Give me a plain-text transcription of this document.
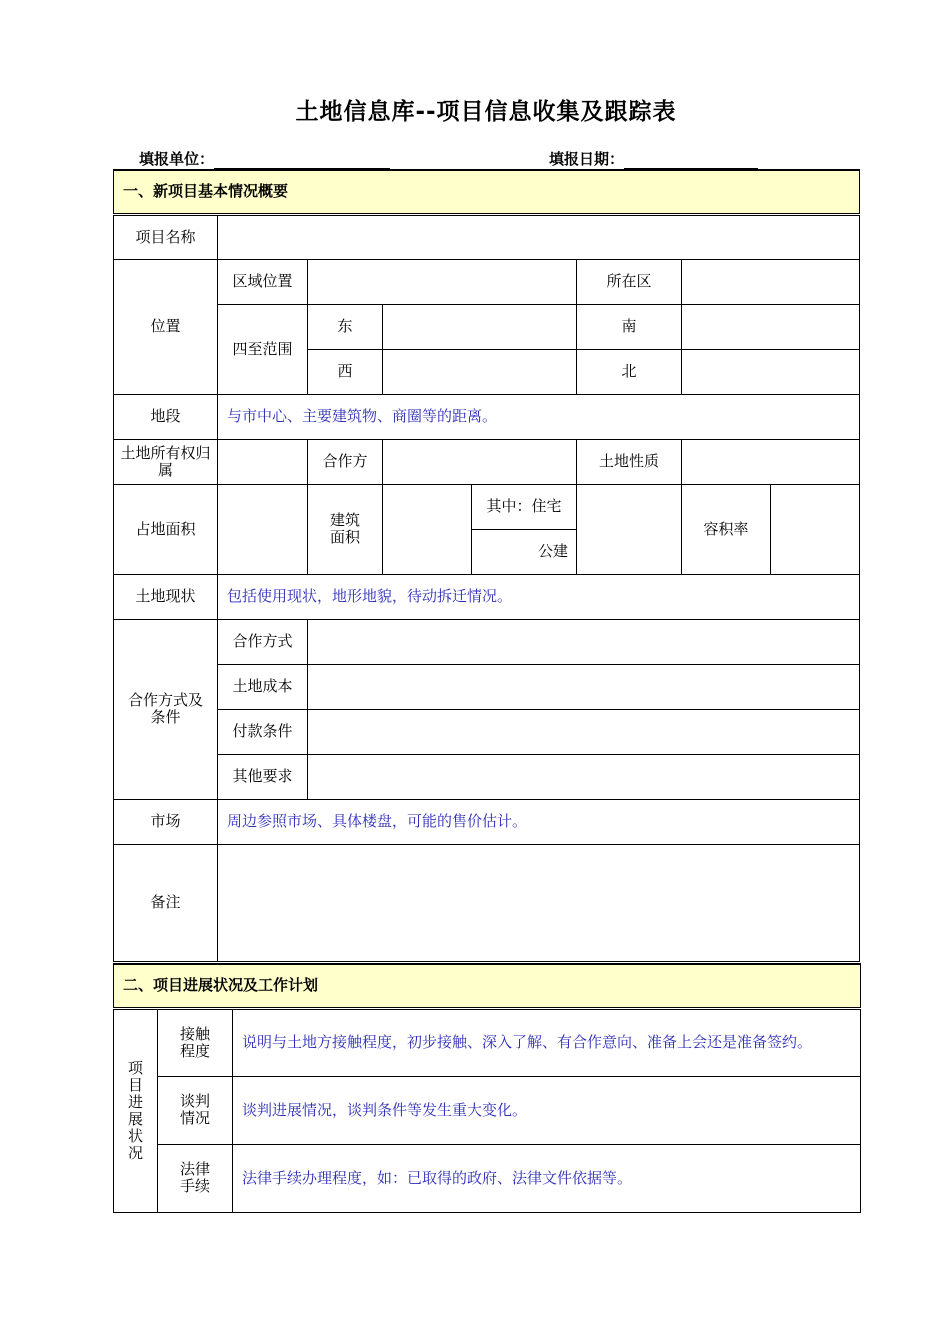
土地信息库--项目信息收集及跟踪表
填报单位：	填报日期：
一、新项目基本情况概要							
项目名称							
位置	区域位置				所在区		
	四至范围	东			南		
		西			北		
地段	与市中心、主要建筑物、商圈等的距离。						
土地所有权归属		合作方			土地性质		
占地面积		建筑面积		其中：住宅		容积率	
				公建			
土地现状	包括使用现状，地形地貌，待动拆迁情况。						
合作方式及条件	合作方式						
	土地成本						
	付款条件						
	其他要求						
市场	周边参照市场、具体楼盘，可能的售价估计。						
备注							
二、项目进展状况及工作计划		
项目进展状况	接触程度	说明与土地方接触程度，初步接触、深入了解、有合作意向、准备上会还是准备签约。
	谈判情况	谈判进展情况，谈判条件等发生重大变化。
	法律手续	法律手续办理程度，如：已取得的政府、法律文件依据等。
